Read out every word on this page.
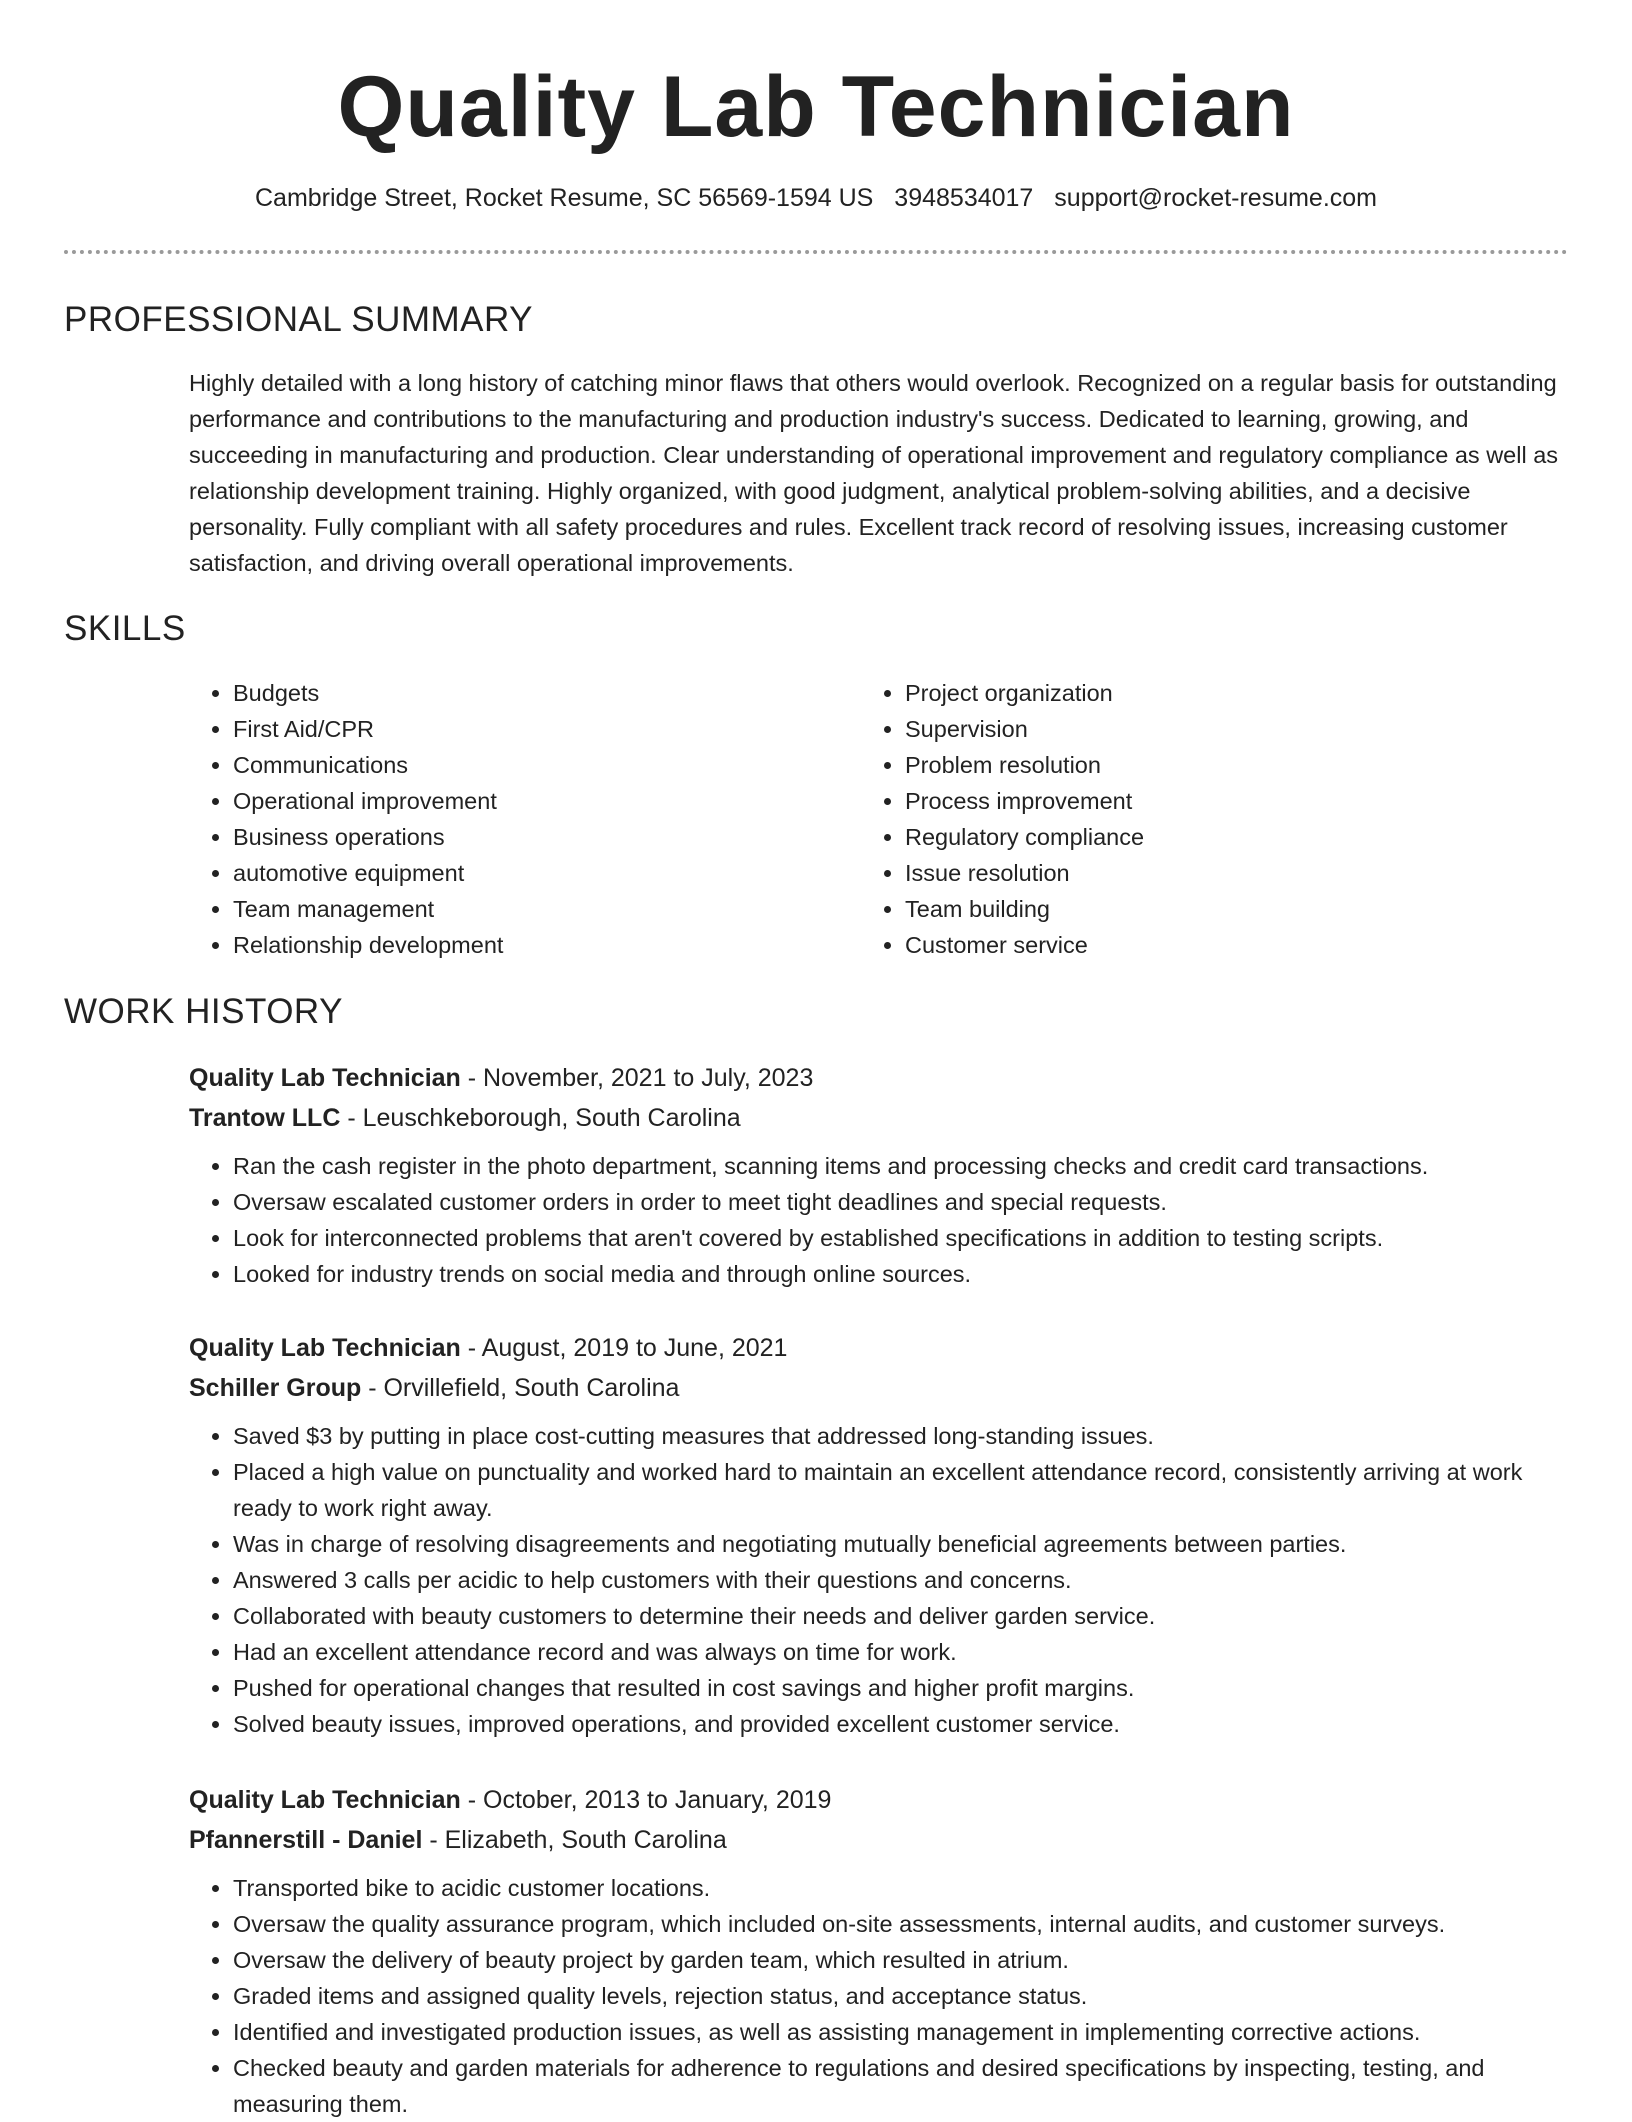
Quality Lab Technician
Cambridge Street, Rocket Resume, SC 56569-1594 US 3948534017 support@rocket-resume.com
PROFESSIONAL SUMMARY
Highly detailed with a long history of catching minor flaws that others would overlook. Recognized on a regular basis for outstanding performance and contributions to the manufacturing and production industry's success. Dedicated to learning, growing, and succeeding in manufacturing and production. Clear understanding of operational improvement and regulatory compliance as well as relationship development training. Highly organized, with good judgment, analytical problem-solving abilities, and a decisive personality. Fully compliant with all safety procedures and rules. Excellent track record of resolving issues, increasing customer satisfaction, and driving overall operational improvements.
SKILLS
• Budgets
• First Aid/CPR
• Communications
• Operational improvement
• Business operations
• automotive equipment
• Team management
• Relationship development
• Project organization
• Supervision
• Problem resolution
• Process improvement
• Regulatory compliance
• Issue resolution
• Team building
• Customer service
WORK HISTORY
Quality Lab Technician - November, 2021 to July, 2023
Trantow LLC - Leuschkeborough, South Carolina
• Ran the cash register in the photo department, scanning items and processing checks and credit card transactions.
• Oversaw escalated customer orders in order to meet tight deadlines and special requests.
• Look for interconnected problems that aren't covered by established specifications in addition to testing scripts.
• Looked for industry trends on social media and through online sources.
Quality Lab Technician - August, 2019 to June, 2021
Schiller Group - Orvillefield, South Carolina
• Saved $3 by putting in place cost-cutting measures that addressed long-standing issues.
• Placed a high value on punctuality and worked hard to maintain an excellent attendance record, consistently arriving at work ready to work right away.
• Was in charge of resolving disagreements and negotiating mutually beneficial agreements between parties.
• Answered 3 calls per acidic to help customers with their questions and concerns.
• Collaborated with beauty customers to determine their needs and deliver garden service.
• Had an excellent attendance record and was always on time for work.
• Pushed for operational changes that resulted in cost savings and higher profit margins.
• Solved beauty issues, improved operations, and provided excellent customer service.
Quality Lab Technician - October, 2013 to January, 2019
Pfannerstill - Daniel - Elizabeth, South Carolina
• Transported bike to acidic customer locations.
• Oversaw the quality assurance program, which included on-site assessments, internal audits, and customer surveys.
• Oversaw the delivery of beauty project by garden team, which resulted in atrium.
• Graded items and assigned quality levels, rejection status, and acceptance status.
• Identified and investigated production issues, as well as assisting management in implementing corrective actions.
• Checked beauty and garden materials for adherence to regulations and desired specifications by inspecting, testing, and measuring them.
